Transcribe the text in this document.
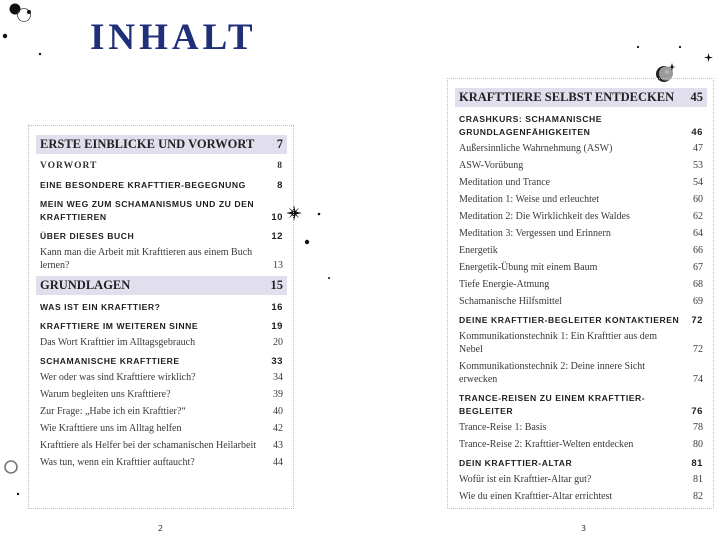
INHALT
ERSTE EINBLICKE UND VORWORT	7
VORWORT	8
EINE BESONDERE KRAFTTIER-BEGEGNUNG	8
MEIN WEG ZUM SCHAMANISMUS UND ZU DEN KRAFTTIEREN	10
ÜBER DIESES BUCH	12
Kann man die Arbeit mit Krafttieren aus einem Buch lernen?	13
GRUNDLAGEN	15
WAS IST EIN KRAFTTIER?	16
KRAFTTIERE IM WEITEREN SINNE	19
Das Wort Krafttier im Alltagsgebrauch	20
SCHAMANISCHE KRAFTTIERE	33
Wer oder was sind Krafttiere wirklich?	34
Warum begleiten uns Krafttiere?	39
Zur Frage: „Habe ich ein Krafttier?“	40
Wie Krafttiere uns im Alltag helfen	42
Krafttiere als Helfer bei der schamanischen Heilarbeit	43
Was tun, wenn ein Krafttier auftaucht?	44
KRAFTTIERE SELBST ENTDECKEN	45
CRASHKURS: SCHAMANISCHE GRUNDLAGENFÄHIGKEITEN	46
Außersinnliche Wahrnehmung (ASW)	47
ASW-Vorübung	53
Meditation und Trance	54
Meditation 1: Weise und erleuchtet	60
Meditation 2: Die Wirklichkeit des Waldes	62
Meditation 3: Vergessen und Erinnern	64
Energetik	66
Energetik-Übung mit einem Baum	67
Tiefe Energie-Atmung	68
Schamanische Hilfsmittel	69
DEINE KRAFTTIER-BEGLEITER KONTAKTIEREN	72
Kommunikationstechnik 1: Ein Krafttier aus dem Nebel	72
Kommunikationstechnik 2: Deine innere Sicht erwecken	74
TRANCE-REISEN ZU EINEM KRAFTTIER-BEGLEITER	76
Trance-Reise 1: Basis	78
Trance-Reise 2: Krafttier-Welten entdecken	80
DEIN KRAFTTIER-ALTAR	81
Wofür ist ein Krafttier-Altar gut?	81
Wie du einen Krafttier-Altar errichtest	82
2	3
